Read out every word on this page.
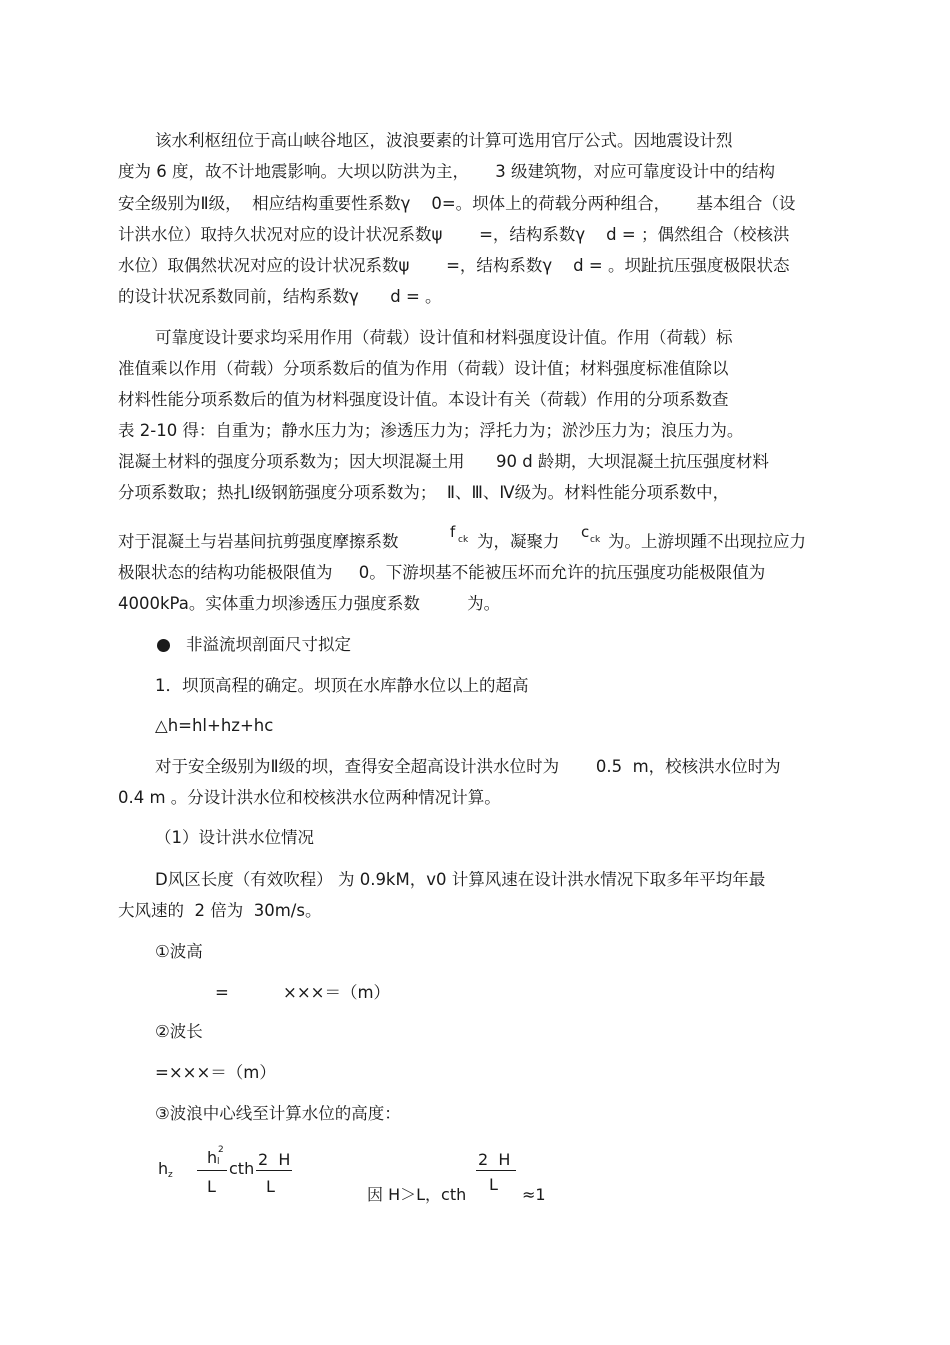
该水利枢纽位于高山峡谷地区，波浪要素的计算可选用官厅公式。因地震设计烈
度为 6 度，故不计地震影响。大坝以防洪为主，     3 级建筑物，对应可靠度设计中的结构
安全级别为Ⅱ级，  相应结构重要性系数γ    0=。坝体上的荷载分两种组合，     基本组合（设
计洪水位）取持久状况对应的设计状况系数ψ       =，结构系数γ    d = ；偶然组合（校核洪
水位）取偶然状况对应的设计状况系数ψ       =，结构系数γ    d = 。坝趾抗压强度极限状态
的设计状况系数同前，结构系数γ      d = 。
可靠度设计要求均采用作用（荷载）设计值和材料强度设计值。作用（荷载）标
准值乘以作用（荷载）分项系数后的值为作用（荷载）设计值；材料强度标准值除以
材料性能分项系数后的值为材料强度设计值。本设计有关（荷载）作用的分项系数查
表 2-10 得：自重为；静水压力为；渗透压力为；浮托力为；淤沙压力为；浪压力为。
混凝土材料的强度分项系数为；因大坝混凝土用      90 d 龄期，大坝混凝土抗压强度材料
分项系数取；热扎Ⅰ级钢筋强度分项系数为；  Ⅱ、Ⅲ、Ⅳ级为。材料性能分项系数中，
对于混凝土与岩基间抗剪强度摩擦系数	f ck 为，凝聚力 c ck 为。上游坝踵不出现拉应力
极限状态的结构功能极限值为     0。下游坝基不能被压坏而允许的抗压强度功能极限值为
4000kPa。实体重力坝渗透压力强度系数         为。
非溢流坝剖面尺寸拟定
1．坝顶高程的确定。坝顶在水库静水位以上的超高
△h=hl+hz+hc
对于安全级别为Ⅱ级的坝，查得安全超高设计洪水位时为       0.5  m，校核洪水位时为
0.4 m 。分设计洪水位和校核洪水位两种情况计算。
（1）设计洪水位情况
D风区长度（有效吹程） 为 0.9kM，v0 计算风速在设计洪水情况下取多年平均年最
大风速的  2 倍为  30m/s。
①波高
=	×××＝（m）
②波长
=×××＝（m）
③波浪中心线至计算水位的高度：
h z
h l
2
L
cth 2  H
L	因 H＞L，cth
2  H
L
≈1
